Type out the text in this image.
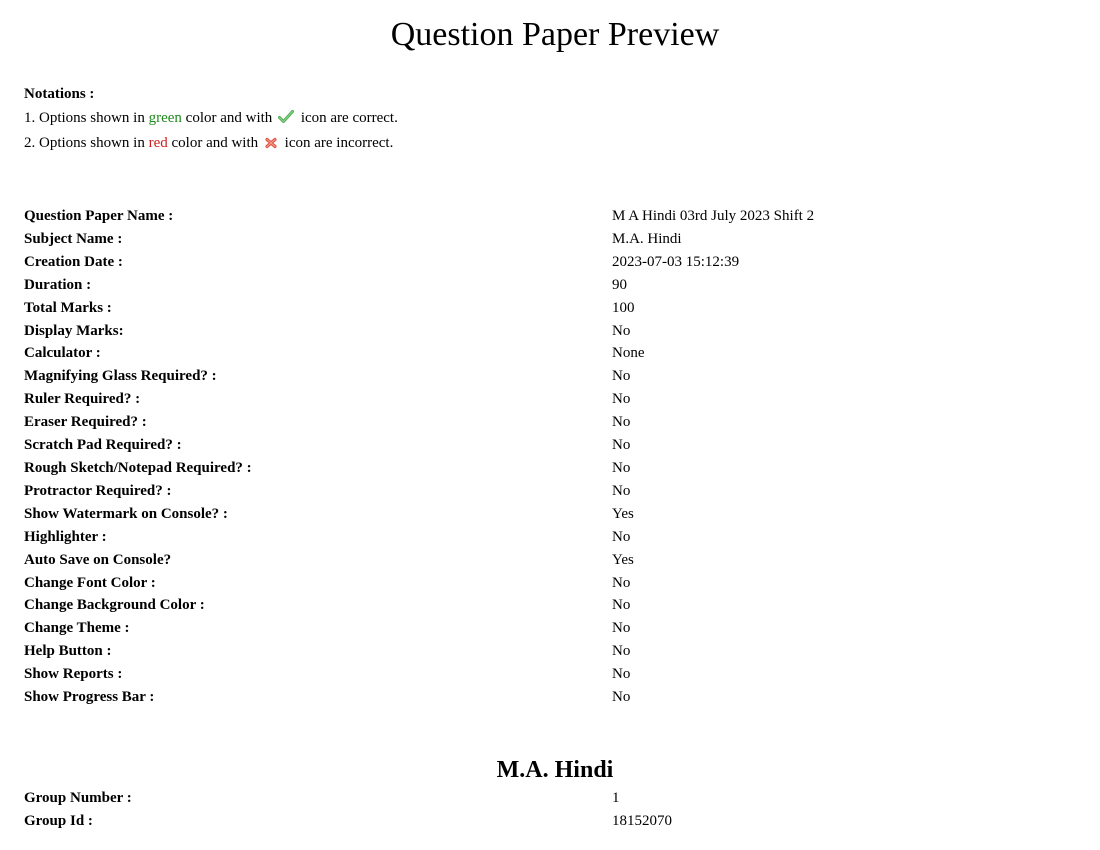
Question Paper Preview
Notations :
1. Options shown in green color and with  icon are correct.
2. Options shown in red color and with  icon are incorrect.
Question Paper Name :	M A Hindi 03rd July 2023 Shift 2
Subject Name :	M.A. Hindi
Creation Date :	2023-07-03 15:12:39
Duration :	90
Total Marks :	100
Display Marks:	No
Calculator :	None
Magnifying Glass Required? :	No
Ruler Required? :	No
Eraser Required? :	No
Scratch Pad Required? :	No
Rough Sketch/Notepad Required? :	No
Protractor Required? :	No
Show Watermark on Console? :	Yes
Highlighter :	No
Auto Save on Console?	Yes
Change Font Color :	No
Change Background Color :	No
Change Theme :	No
Help Button :	No
Show Reports :	No
Show Progress Bar :	No
M.A. Hindi
Group Number :	1
Group Id :	18152070
